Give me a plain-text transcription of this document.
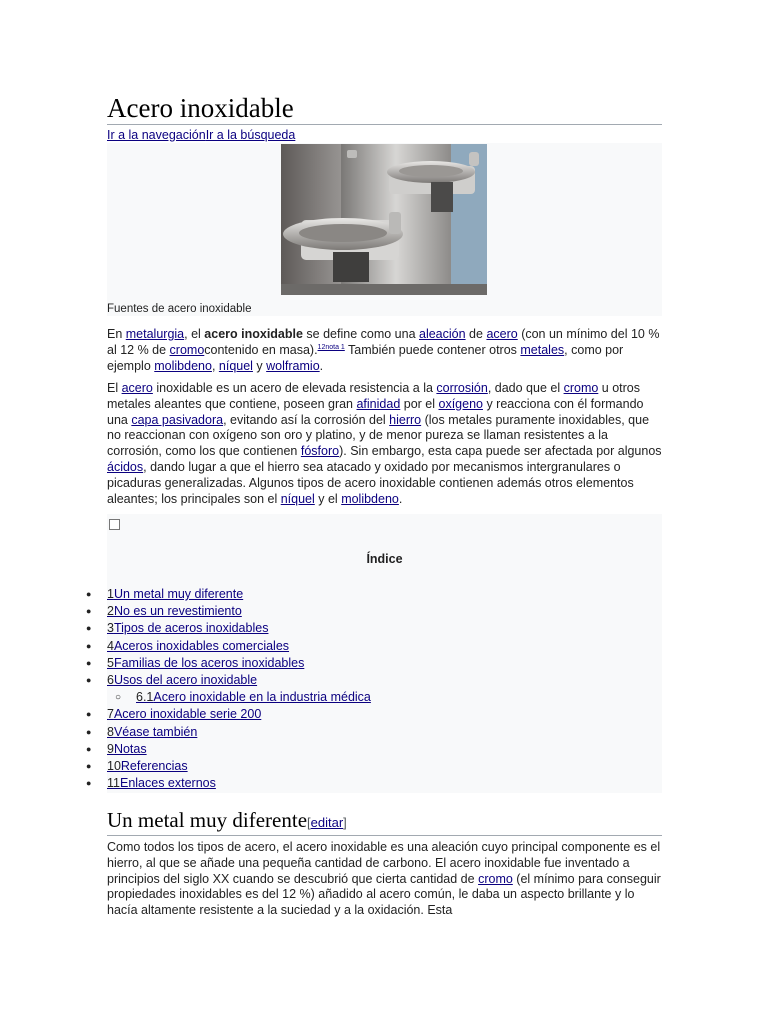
Acero inoxidable
Ir a la navegaciónIr a la búsqueda
Fuentes de acero inoxidable

En metalurgia, el acero inoxidable se define como una aleación de acero (con un mínimo del 10 % al 12 % de cromocontenido en masa).$^{12nota 1}$ También puede contener otros metales, como por ejemplo molibdeno, níquel y wolframio.

El acero inoxidable es un acero de elevada resistencia a la corrosión, dado que el cromo u otros metales aleantes que contiene, poseen gran afinidad por el oxígeno y reacciona con él formando una capa pasivadora, evitando así la corrosión del hierro (los metales puramente inoxidables, que no reaccionan con oxígeno son oro y platino, y de menor pureza se llaman resistentes a la corrosión, como los que contienen fósforo). Sin embargo, esta capa puede ser afectada por algunos ácidos, dando lugar a que el hierro sea atacado y oxidado por mecanismos intergranulares o picaduras generalizadas. Algunos tipos de acero inoxidable contienen además otros elementos aleantes; los principales son el níquel y el molibdeno.

Índice
● 1Un metal muy diferente
● 2No es un revestimiento
● 3Tipos de aceros inoxidables
● 4Aceros inoxidables comerciales
● 5Familias de los aceros inoxidables
● 6Usos del acero inoxidable
○ 6.1Acero inoxidable en la industria médica
● 7Acero inoxidable serie 200
● 8Véase también
● 9Notas
● 10Referencias
● 11Enlaces externos
Un metal muy diferente[editar]

Como todos los tipos de acero, el acero inoxidable es una aleación cuyo principal componente es el hierro, al que se añade una pequeña cantidad de carbono. El acero inoxidable fue inventado a principios del siglo XX cuando se descubrió que cierta cantidad de cromo (el mínimo para conseguir propiedades inoxidables es del 12 %) añadido al acero común, le daba un aspecto brillante y lo hacía altamente resistente a la suciedad y a la oxidación. Esta
